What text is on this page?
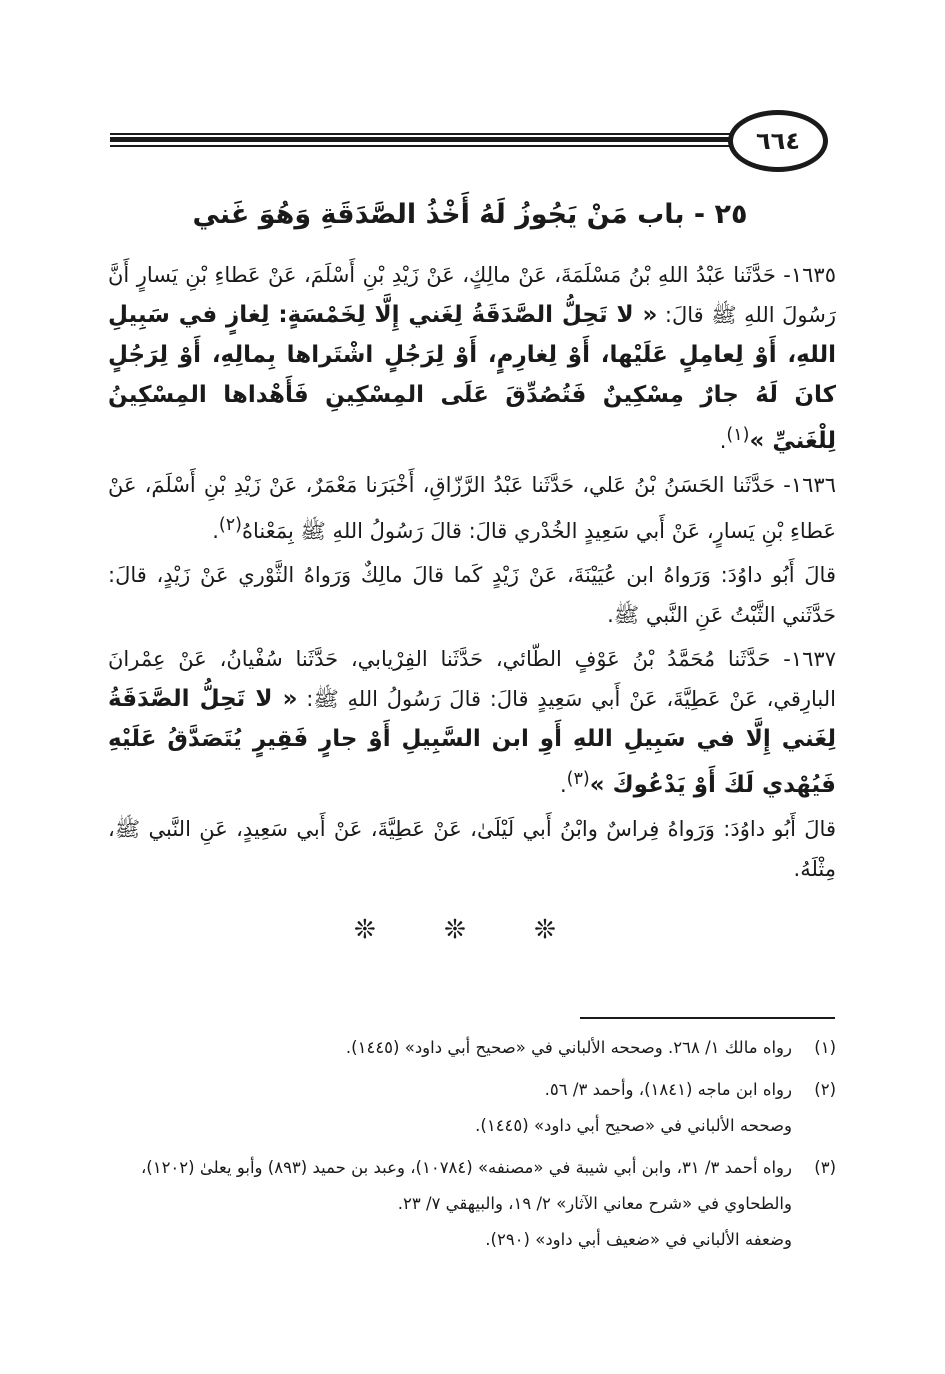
٦٦٤
٢٥ - باب مَنْ يَجُوزُ لَهُ أَخْذُ الصَّدَقَةِ وَهُوَ غَني

١٦٣٥- حَدَّثَنا عَبْدُ اللهِ بْنُ مَسْلَمَةَ، عَنْ مالِكٍ، عَنْ زَيْدِ بْنِ أَسْلَمَ، عَنْ عَطاءِ بْنِ يَسارٍ أَنَّ رَسُولَ اللهِ ﷺ قالَ: « لا تَحِلُّ الصَّدَقَةُ لِغَني إِلَّا لِخَمْسَةٍ: لِغازٍ في سَبِيلِ اللهِ، أَوْ لِعامِلٍ عَلَيْها، أَوْ لِغارِمٍ، أَوْ لِرَجُلٍ اشْتَراها بِمالِهِ، أَوْ لِرَجُلٍ كانَ لَهُ جارٌ مِسْكِينٌ فَتُصُدِّقَ عَلَى المِسْكِينِ فَأَهْداها المِسْكِينُ لِلْغَنيِّ »$^{(١)}$.

١٦٣٦- حَدَّثَنا الحَسَنُ بْنُ عَلي، حَدَّثَنا عَبْدُ الرَّزّاقِ، أَخْبَرَنا مَعْمَرٌ، عَنْ زَيْدِ بْنِ أَسْلَمَ، عَنْ عَطاءِ بْنِ يَسارٍ، عَنْ أَبي سَعِيدٍ الخُدْري قالَ: قالَ رَسُولُ اللهِ ﷺ بِمَعْناهُ$^{(٢)}$.

قالَ أَبُو داوُدَ: وَرَواهُ ابن عُيَيْنَةَ، عَنْ زَيْدٍ كَما قالَ مالِكٌ وَرَواهُ الثَّوْري عَنْ زَيْدٍ، قالَ: حَدَّثَني الثَّبْتُ عَنِ النَّبي ﷺ.

١٦٣٧- حَدَّثَنا مُحَمَّدُ بْنُ عَوْفٍ الطّائي، حَدَّثَنا الفِرْيابي، حَدَّثَنا سُفْيانُ، عَنْ عِمْرانَ البارِقي، عَنْ عَطِيَّةَ، عَنْ أَبي سَعِيدٍ قالَ: قالَ رَسُولُ اللهِ ﷺ: « لا تَحِلُّ الصَّدَقَةُ لِغَني إِلَّا في سَبِيلِ اللهِ أَوِ ابن السَّبِيلِ أَوْ جارٍ فَقِيرٍ يُتَصَدَّقُ عَلَيْهِ فَيُهْدي لَكَ أَوْ يَدْعُوكَ »$^{(٣)}$.

قالَ أَبُو داوُدَ: وَرَواهُ فِراسٌ وابْنُ أَبي لَيْلَىٰ، عَنْ عَطِيَّةَ، عَنْ أَبي سَعِيدٍ، عَنِ النَّبي ﷺ، مِثْلَهُ.

❊ ❊ ❊
(١)
رواه مالك ١/ ٢٦٨. وصححه الألباني في «صحيح أبي داود» (١٤٤٥).
(٢)
رواه ابن ماجه (١٨٤١)، وأحمد ٣/ ٥٦.
وصححه الألباني في «صحيح أبي داود» (١٤٤٥).
(٣)
رواه أحمد ٣/ ٣١، وابن أبي شيبة في «مصنفه» (١٠٧٨٤)، وعبد بن حميد (٨٩٣) وأبو يعلىٰ (١٢٠٢)، والطحاوي في «شرح معاني الآثار» ٢/ ١٩، والبيهقي ٧/ ٢٣.
وضعفه الألباني في «ضعيف أبي داود» (٢٩٠).
